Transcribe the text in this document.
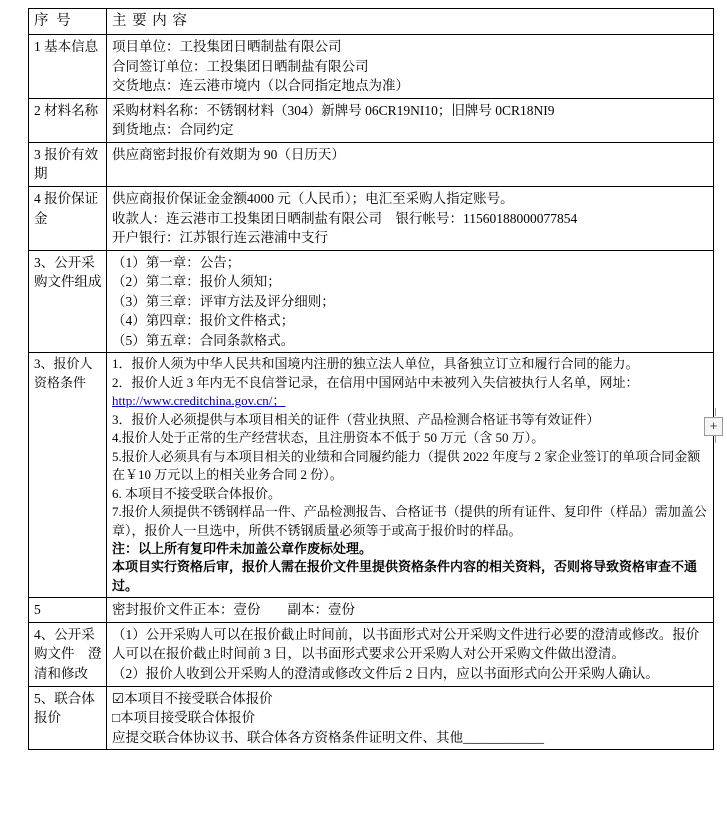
序 号	主 要 内 容
1 基本信息	项目单位：工投集团日晒制盐有限公司
合同签订单位：工投集团日晒制盐有限公司
交货地点：连云港市境内（以合同指定地点为准）

2 材料名称	采购材料名称：不锈钢材料（304）新牌号 06CR19NI10；旧牌号 0CR18NI9
到货地点：合同约定

3 报价有效期	供应商密封报价有效期为 90（日历天）

4 报价保证金	供应商报价保证金金额4000 元（人民币）；电汇至采购人指定账号。
收款人：连云港市工投集团日晒制盐有限公司　银行帐号：11560188000077854
开户银行：江苏银行连云港浦中支行

3、公开采购文件组成	（1）第一章：公告；
（2）第二章：报价人须知；
（3）第三章：评审方法及评分细则；
（4）第四章：报价文件格式；
（5）第五章：合同条款格式。

3、报价人资格条件	
1．报价人须为中华人民共和国境内注册的独立法人单位，具备独立订立和履行合同的能力。
2．报价人近 3 年内无不良信誉记录，在信用中国网站中未被列入失信被执行人名单，网址：
http://www.creditchina.gov.cn/；
3．报价人必须提供与本项目相关的证件（营业执照、产品检测合格证书等有效证件）
4.报价人处于正常的生产经营状态，且注册资本不低于 50 万元（含 50 万）。
5.报价人必须具有与本项目相关的业绩和合同履约能力（提供 2022 年度与 2 家企业签订的单项合同金额在￥10 万元以上的相关业务合同 2 份）。
6. 本项目不接受联合体报价。
7.报价人须提供不锈钢样品一件、产品检测报告、合格证书（提供的所有证件、复印件（样品）需加盖公章），报价人一旦选中，所供不锈钢质量必须等于或高于报价时的样品。
注：以上所有复印件未加盖公章作废标处理。
本项目实行资格后审，报价人需在报价文件里提供资格条件内容的相关资料，否则将导致资格审查不通过。

5	密封报价文件正本：壹份　　副本：壹份

4、公开采购文件　澄清和修改	（1）公开采购人可以在报价截止时间前，以书面形式对公开采购文件进行必要的澄清或修改。报价人可以在报价截止时间前 3 日，以书面形式要求公开采购人对公开采购文件做出澄清。
（2）报价人收到公开采购人的澄清或修改文件后 2 日内，应以书面形式向公开采购人确认。

5、联合体报价	☑本项目不接受联合体报价
□本项目接受联合体报价
应提交联合体协议书、联合体各方资格条件证明文件、其他____________
+
